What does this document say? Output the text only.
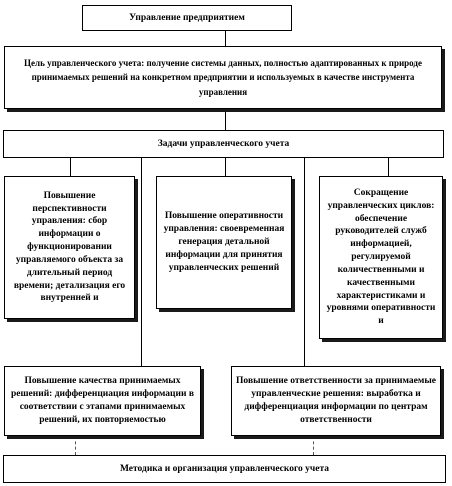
Управление предприятием
Цель управленческого учета: получение системы данных, полностью адаптированных к природе принимаемых решений на конкретном предприятии и используемых в качестве инструмента управления
Задачи управленческого учета
Повышение перспективности управления: сбор информации о функционировании управляемого объекта за длительный период времени; детализация его внутренней и
Повышение оперативности управления: своевременная генерация детальной информации для принятия управленческих решений
Сокращение управленческих циклов: обеспечение руководителей служб информацией, регулируемой количественными и качественными характеристиками и уровнями оперативности и
Повышение качества принимаемых решений: дифференциация информации в соответствии с этапами принимаемых решений, их повторяемостью
Повышение ответственности за принимаемые управленческие решения: выработка и дифференциация информации по центрам ответственности
Методика и организация управленческого учета
